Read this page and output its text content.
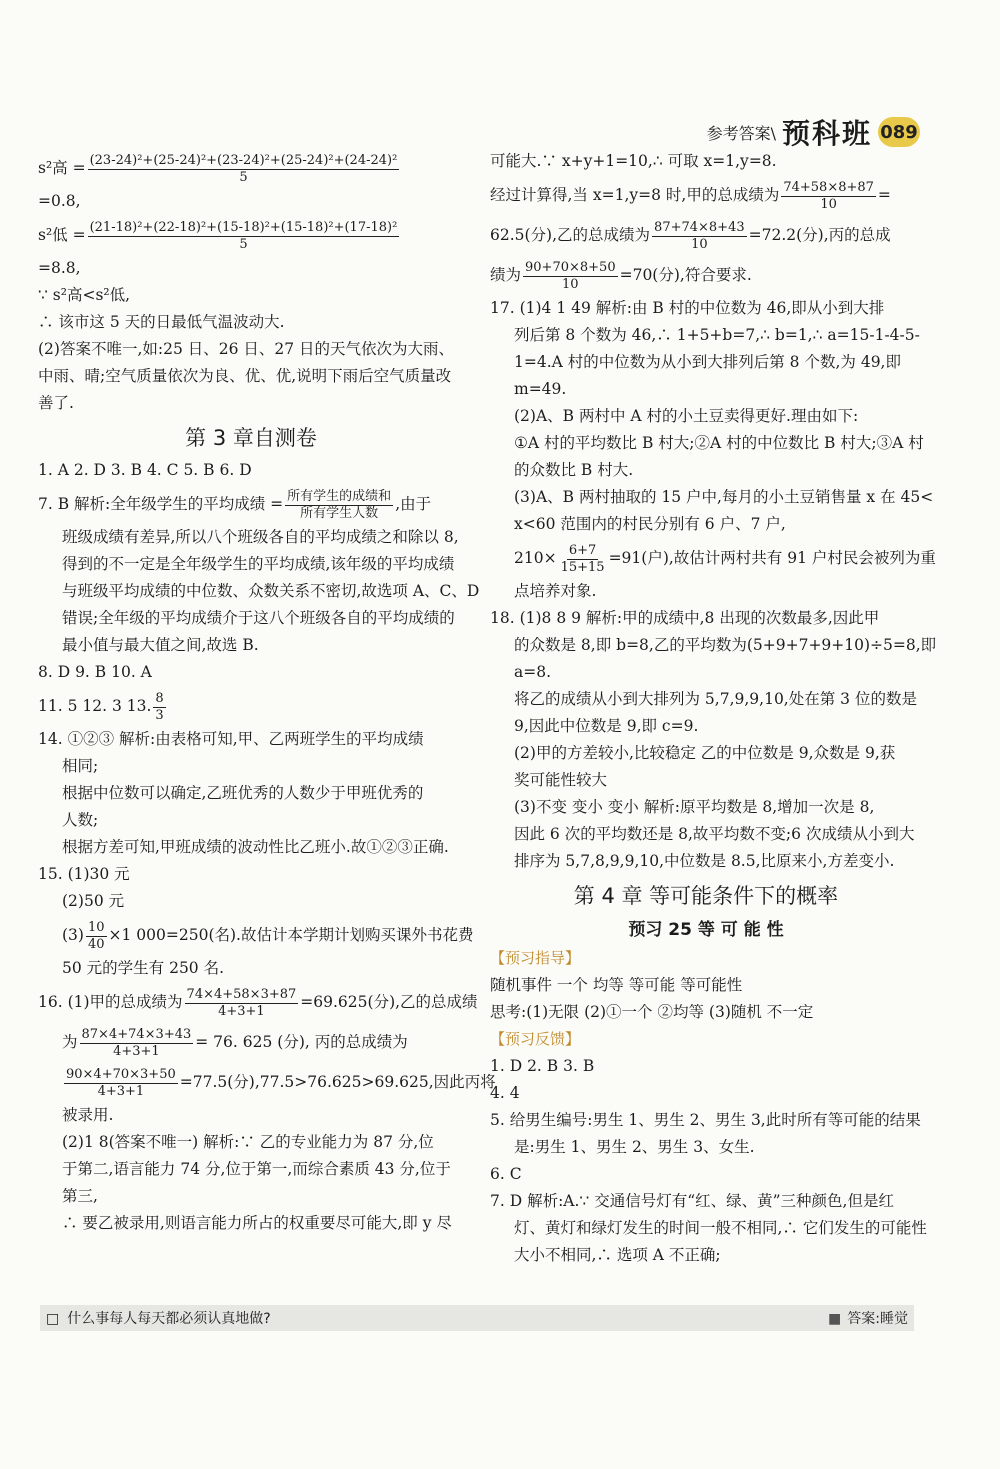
参考答案\ 预科班 089
s²高 = $\frac{\text{(23-24)²+(25-24)²+(23-24)²+(25-24)²+(24-24)²}}{5}$
=0.8,
s²低 = $\frac{\text{(21-18)²+(22-18)²+(15-18)²+(15-18)²+(17-18)²}}{5}$
=8.8,
∵ s²高<s²低,
∴ 该市这 5 天的日最低气温波动大.
(2)答案不唯一,如:25 日、26 日、27 日的天气依次为大雨、
中雨、晴;空气质量依次为良、优、优,说明下雨后空气质量改
善了.
第 3 章自测卷
1. A 2. D 3. B 4. C 5. B 6. D
7. B 解析:全年级学生的平均成绩 = $\frac{\text{所有学生的成绩和}}{\text{所有学生人数}}$ ,由于
班级成绩有差异,所以八个班级各自的平均成绩之和除以 8,
得到的不一定是全年级学生的平均成绩,该年级的平均成绩
与班级平均成绩的中位数、众数关系不密切,故选项 A、C、D
错误;全年级的平均成绩介于这八个班级各自的平均成绩的
最小值与最大值之间,故选 B.
8. D 9. B 10. A
11. 5 12. 3 13. $\frac{8}{3}$
14. ①②③ 解析:由表格可知,甲、乙两班学生的平均成绩
相同;
根据中位数可以确定,乙班优秀的人数少于甲班优秀的
人数;
根据方差可知,甲班成绩的波动性比乙班小.故①②③正确.
15. (1)30 元
(2)50 元
$(3) \frac{10}{40} \times 1$ 000=250(名).故估计本学期计划购买课外书花费
50 元的学生有 250 名.
16. (1)甲的总成绩为 $\frac{74\times 4+58\times 3+87}{4+3+1} =69.625$(分),乙的总成绩
为 $\frac{87\times 4+74\times 3+43}{4+3+1} = 76$. 625 (分), 丙的总成绩为
$\frac{90\times 4+70\times 3+50}{4+3+1} =77.5$(分),77.5>76.625>69.625,因此丙将
被录用.
(2)1 8(答案不唯一) 解析:∵ 乙的专业能力为 87 分,位
于第二,语言能力 74 分,位于第一,而综合素质 43 分,位于
第三,
∴ 要乙被录用,则语言能力所占的权重要尽可能大,即 y 尽
可能大.∵ x+y+1=10,∴ 可取 x=1,y=8.
经过计算得,当 x=1,y=8 时,甲的总成绩为 $\frac{74+58\times 8+87}{10}$ =
62.5(分),乙的总成绩为 $\frac{87+74\times 8+43}{10} =72.2$(分),丙的总成
绩为 $\frac{90+70\times 8+50}{10} =70$(分),符合要求.
17. (1)4 1 49 解析:由 B 村的中位数为 46,即从小到大排
列后第 8 个数为 46,∴ 1+5+b=7,∴ b=1,∴ a=15-1-4-5-
1=4.A 村的中位数为从小到大排列后第 8 个数,为 49,即
m=49.
(2)A、B 两村中 A 村的小土豆卖得更好.理由如下:
①A 村的平均数比 B 村大;②A 村的中位数比 B 村大;③A 村
的众数比 B 村大.
(3)A、B 两村抽取的 15 户中,每月的小土豆销售量 x 在 45<
x<60 范围内的村民分别有 6 户、7 户,
$210\times \frac{6+7}{15+15} =91$(户),故估计两村共有 91 户村民会被列为重
点培养对象.
18. (1)8 8 9 解析:甲的成绩中,8 出现的次数最多,因此甲
的众数是 8,即 b=8,乙的平均数为(5+9+7+9+10)÷5=8,即
a=8.
将乙的成绩从小到大排列为 5,7,9,9,10,处在第 3 位的数是
9,因此中位数是 9,即 c=9.
(2)甲的方差较小,比较稳定 乙的中位数是 9,众数是 9,获
奖可能性较大
(3)不变 变小 变小 解析:原平均数是 8,增加一次是 8,
因此 6 次的平均数还是 8,故平均数不变;6 次成绩从小到大
排序为 5,7,8,9,9,10,中位数是 8.5,比原来小,方差变小.
第 4 章 等可能条件下的概率
预习 25 等 可 能 性
【预习指导】
随机事件 一个 均等 等可能 等可能性
思考:(1)无限 (2)①一个 ②均等 (3)随机 不一定
【预习反馈】
1. D 2. B 3. B
4. 4
5. 给男生编号:男生 1、男生 2、男生 3,此时所有等可能的结果
是:男生 1、男生 2、男生 3、女生.
6. C
7. D 解析:A.∵ 交通信号灯有“红、绿、黄”三种颜色,但是红
灯、黄灯和绿灯发生的时间一般不相同,∴ 它们发生的可能性
大小不相同,∴ 选项 A 不正确;
□ 什么事每人每天都必须认真地做?
■	答案:睡觉
